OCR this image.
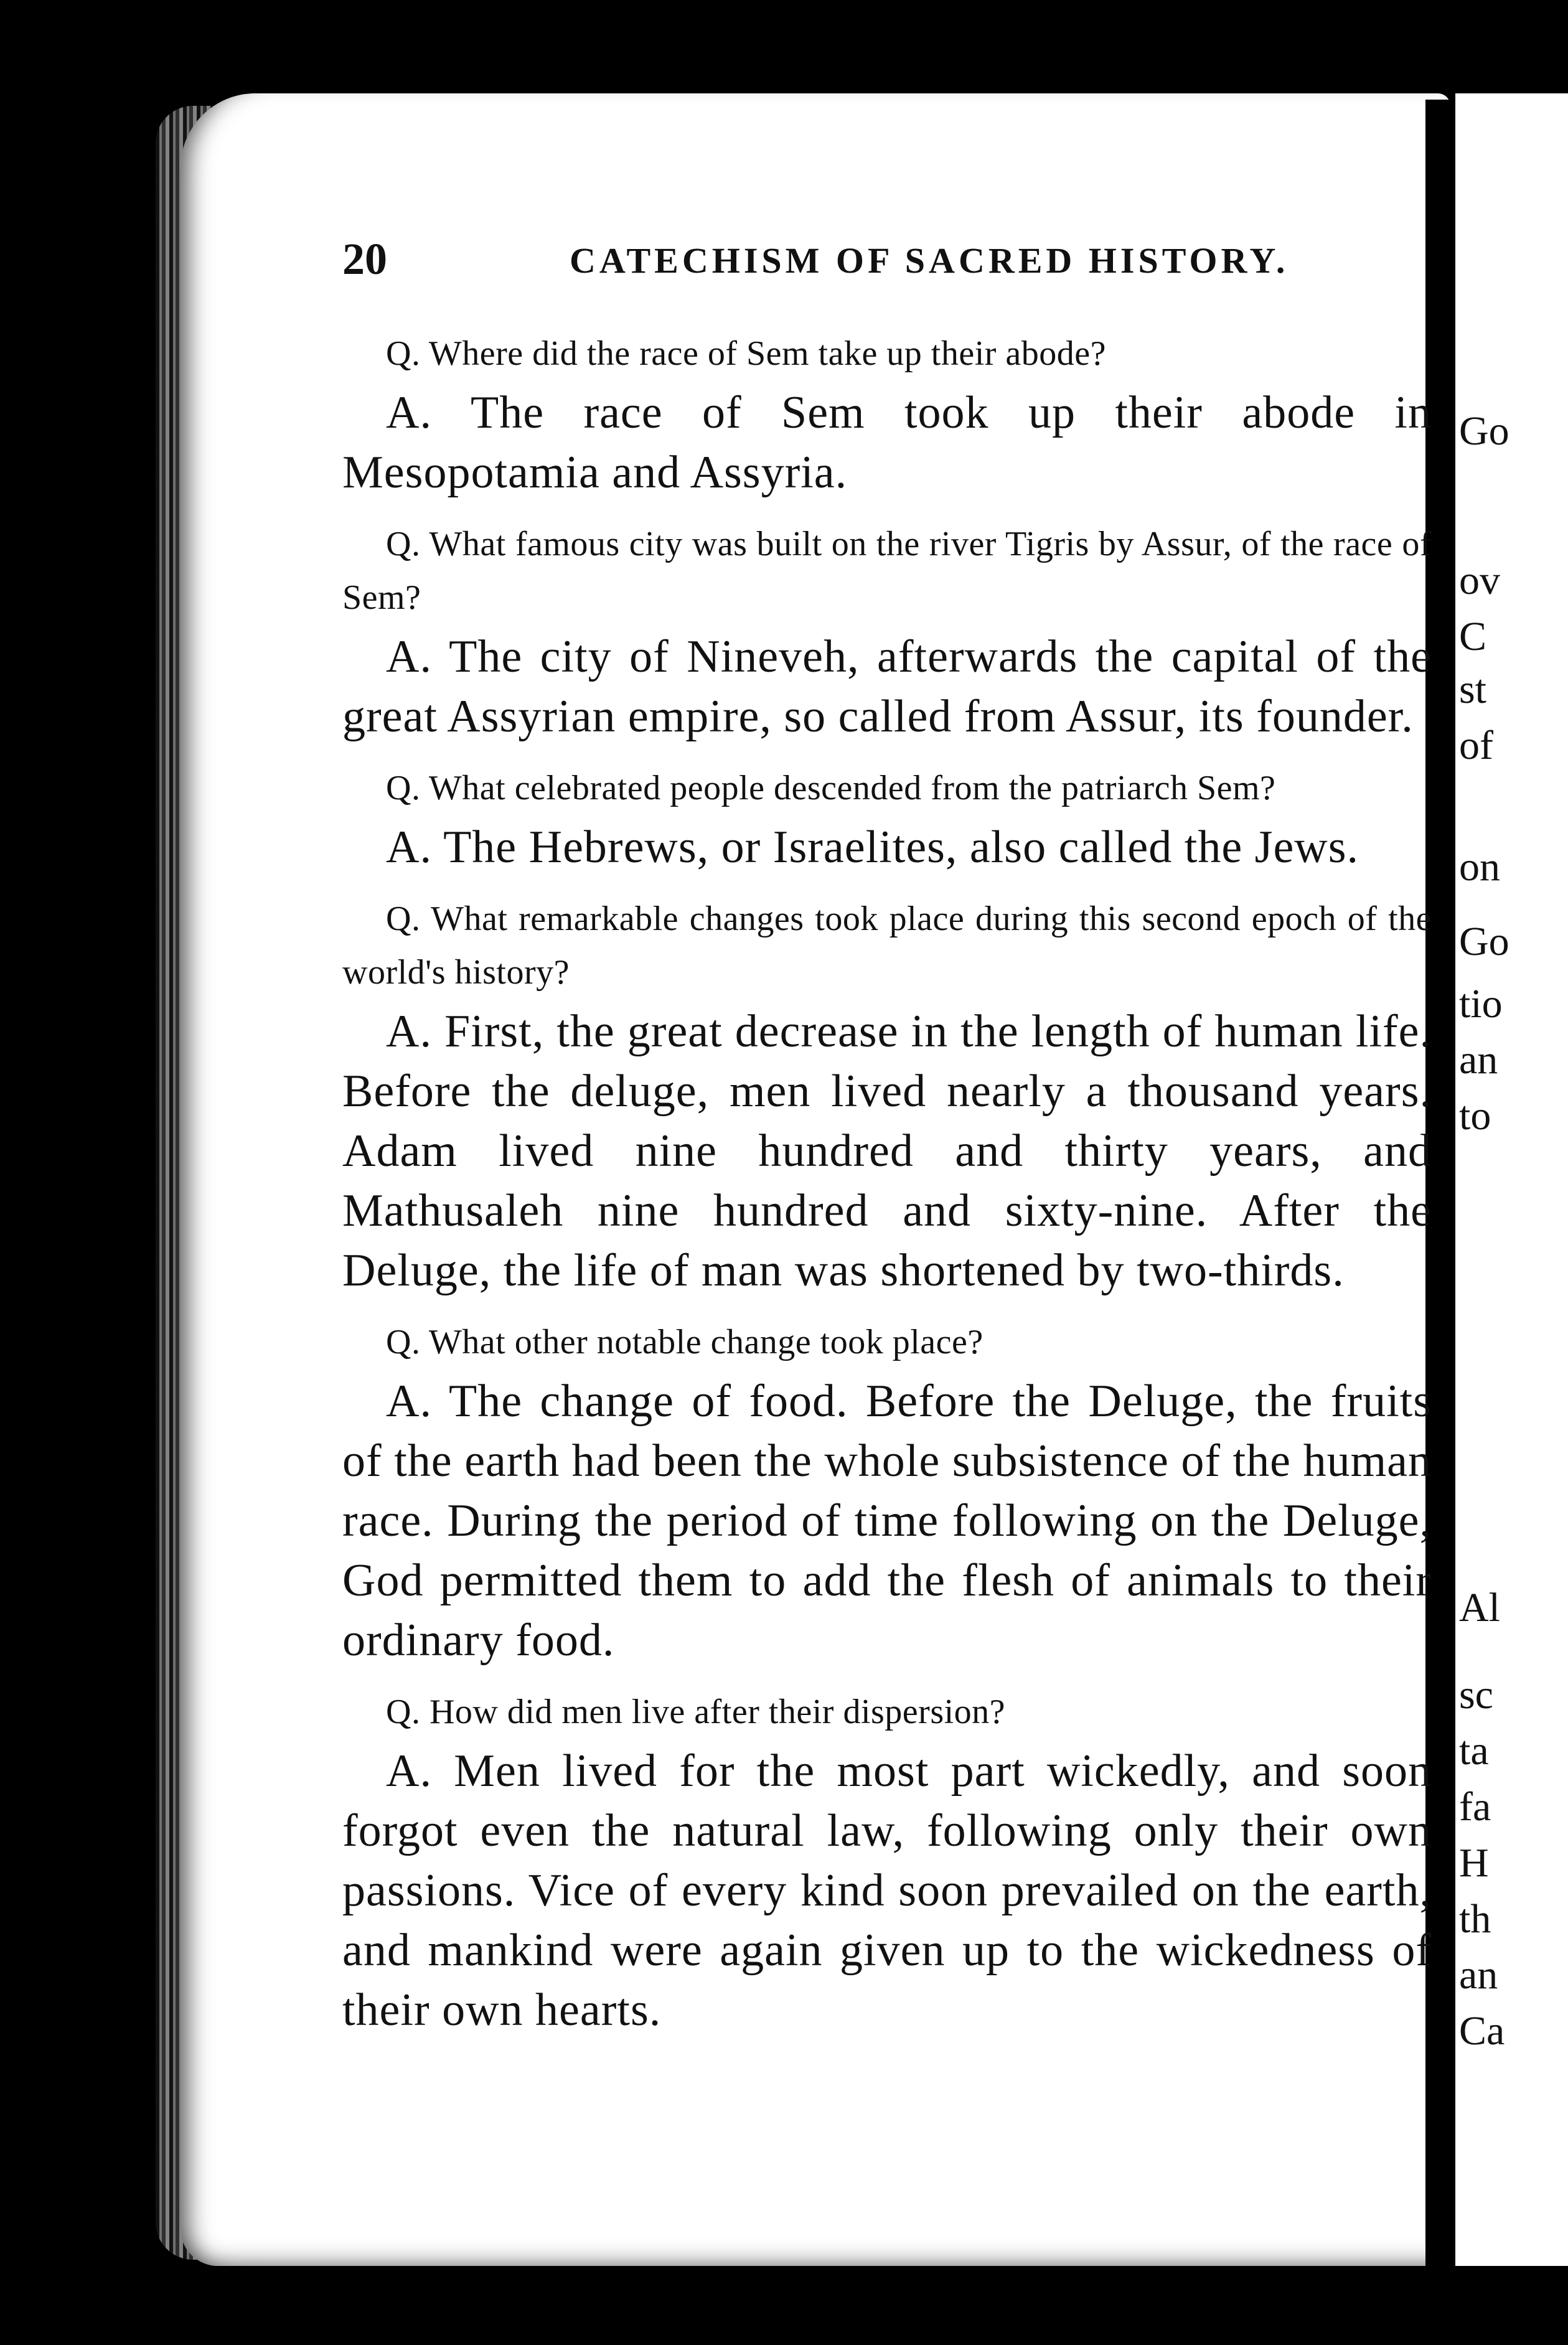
Go
ov
C
st
of
on
Go
tio
an
to
Al
sc
ta
fa
H
th
an
Ca
20	CATECHISM OF SACRED HISTORY.

Q. Where did the race of Sem take up their abode?

A. The race of Sem took up their abode in Mesopotamia and Assyria.

Q. What famous city was built on the river Tigris by Assur, of the race of Sem?

A. The city of Nineveh, afterwards the capital of the great Assyrian empire, so called from Assur, its founder.

Q. What celebrated people descended from the patriarch Sem?

A. The Hebrews, or Israelites, also called the Jews.

Q. What remarkable changes took place during this second epoch of the world's history?

A. First, the great decrease in the length of human life. Before the deluge, men lived nearly a thousand years. Adam lived nine hundred and thirty years, and Mathusaleh nine hundred and sixty-nine. After the Deluge, the life of man was shortened by two-thirds.

Q. What other notable change took place?

A. The change of food. Before the Deluge, the fruits of the earth had been the whole subsistence of the human race. During the period of time following on the Deluge, God permitted them to add the flesh of animals to their ordinary food.

Q. How did men live after their dispersion?

A. Men lived for the most part wickedly, and soon forgot even the natural law, following only their own passions. Vice of every kind soon prevailed on the earth, and mankind were again given up to the wickedness of their own hearts.
